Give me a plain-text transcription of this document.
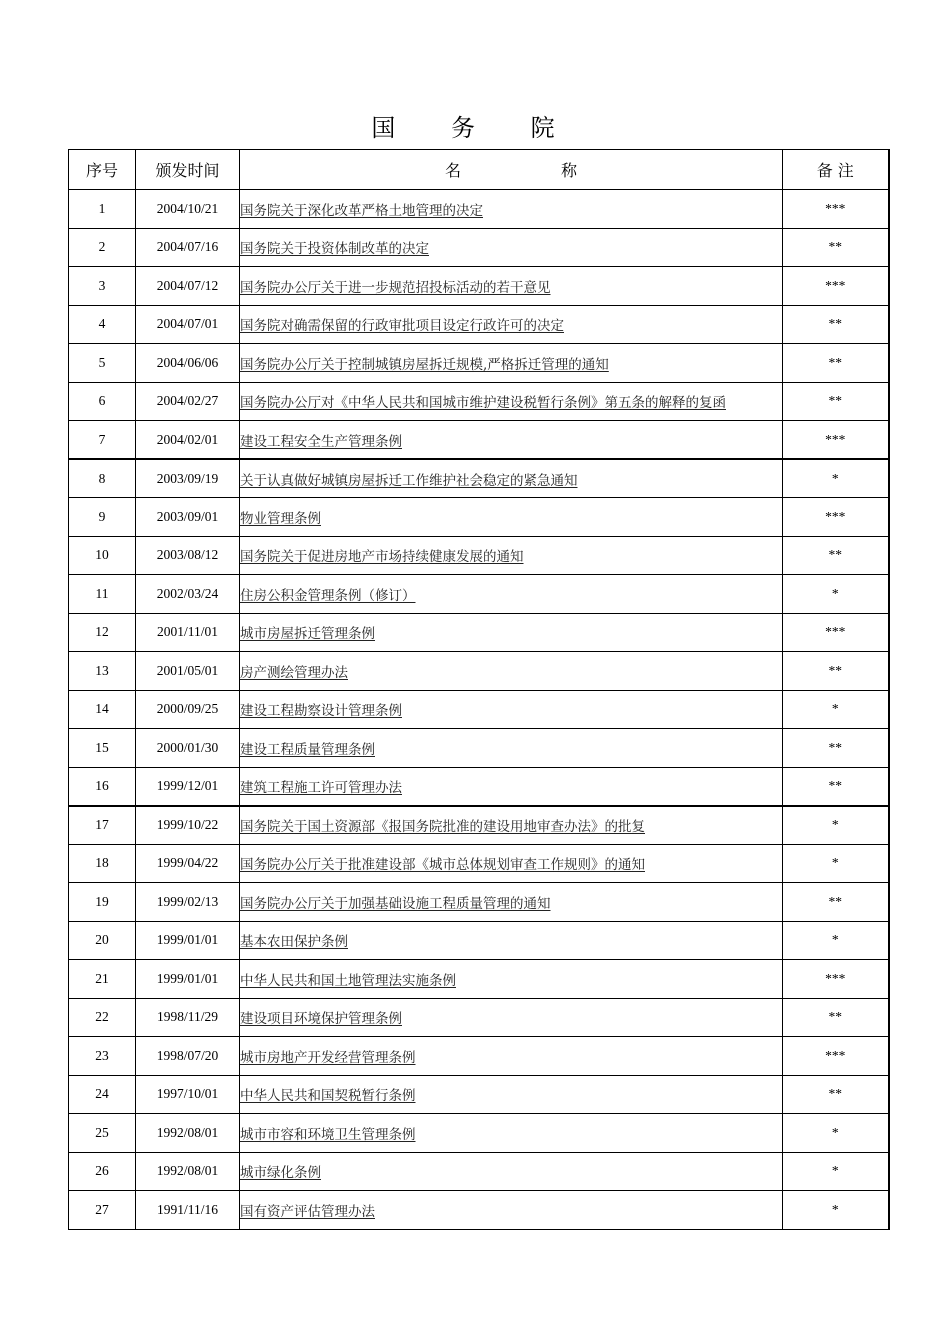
国 务 院
序号	颁发时间	名 称	备 注
1	2004/10/21	国务院关于深化改革严格土地管理的决定	***
2	2004/07/16	国务院关于投资体制改革的决定	**
3	2004/07/12	国务院办公厅关于进一步规范招投标活动的若干意见	***
4	2004/07/01	国务院对确需保留的行政审批项目设定行政许可的决定	**
5	2004/06/06	国务院办公厅关于控制城镇房屋拆迁规模,严格拆迁管理的通知	**
6	2004/02/27	国务院办公厅对《中华人民共和国城市维护建设税暂行条例》第五条的解释的复函	**
7	2004/02/01	建设工程安全生产管理条例	***
8	2003/09/19	关于认真做好城镇房屋拆迁工作维护社会稳定的紧急通知	*
9	2003/09/01	物业管理条例	***
10	2003/08/12	国务院关于促进房地产市场持续健康发展的通知	**
11	2002/03/24	住房公积金管理条例（修订）	*
12	2001/11/01	城市房屋拆迁管理条例	***
13	2001/05/01	房产测绘管理办法	**
14	2000/09/25	建设工程勘察设计管理条例	*
15	2000/01/30	建设工程质量管理条例	**
16	1999/12/01	建筑工程施工许可管理办法	**
17	1999/10/22	国务院关于国土资源部《报国务院批准的建设用地审查办法》的批复	*
18	1999/04/22	国务院办公厅关于批准建设部《城市总体规划审查工作规则》的通知	*
19	1999/02/13	国务院办公厅关于加强基础设施工程质量管理的通知	**
20	1999/01/01	基本农田保护条例	*
21	1999/01/01	中华人民共和国土地管理法实施条例	***
22	1998/11/29	建设项目环境保护管理条例	**
23	1998/07/20	城市房地产开发经营管理条例	***
24	1997/10/01	中华人民共和国契税暂行条例	**
25	1992/08/01	城市市容和环境卫生管理条例	*
26	1992/08/01	城市绿化条例	*
27	1991/11/16	国有资产评估管理办法	*
